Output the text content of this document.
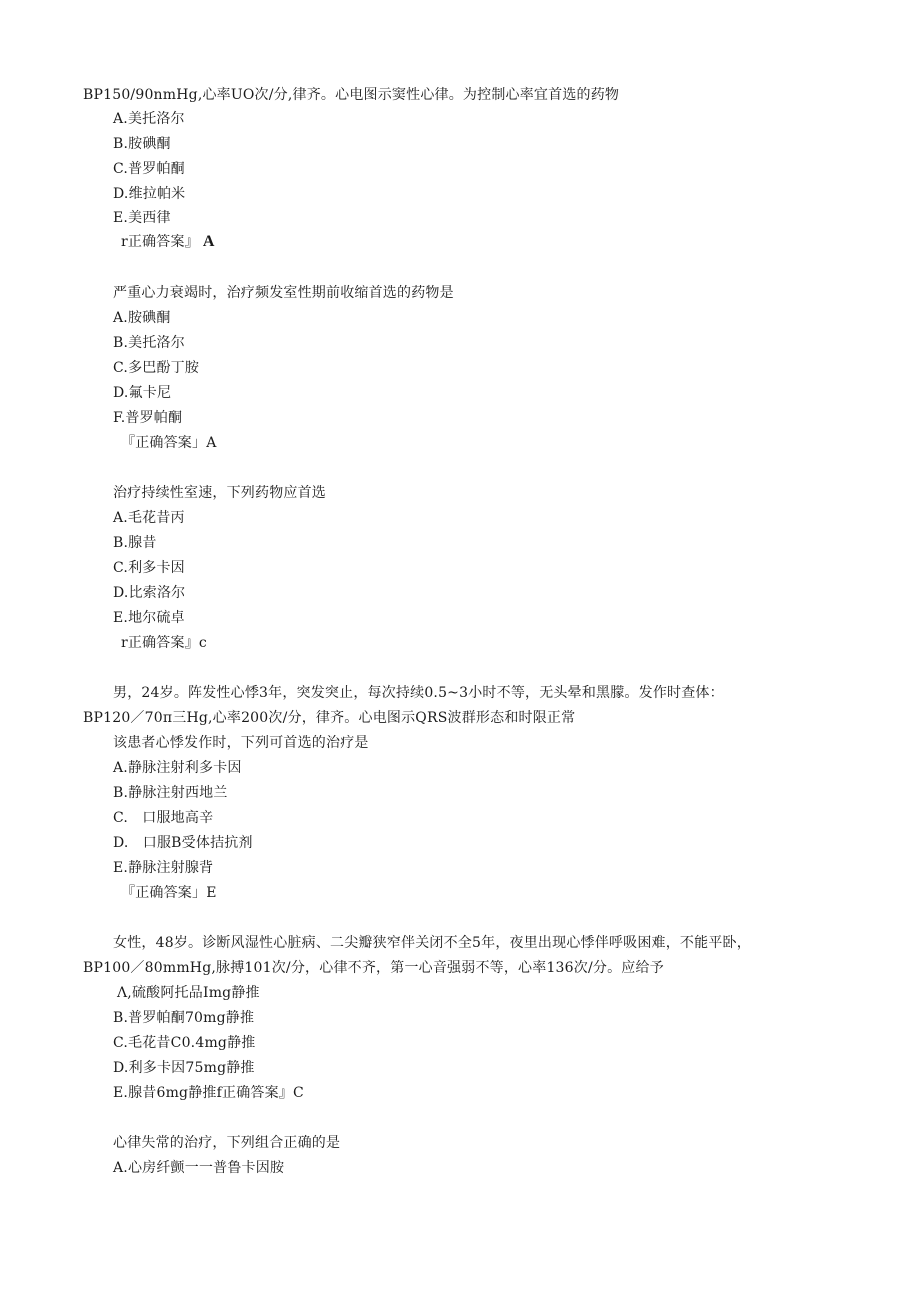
BP150/90nmHg,心率UO次/分,律齐。心电图示窦性心律。为控制心率宜首选的药物
A.美托洛尔
B.胺碘酮
C.普罗帕酮
D.维拉帕米
E.美西律
r正确答案』 A
严重心力衰竭时，治疗频发室性期前收缩首选的药物是
A.胺碘酮
B.美托洛尔
C.多巴酚丁胺
D.氟卡尼
F.普罗帕酮
『正确答案」A
治疗持续性室速，下列药物应首选
A.毛花昔丙
B.腺昔
C.利多卡因
D.比索洛尔
E.地尔硫卓
r正确答案』c
男，24岁。阵发性心悸3年，突发突止，每次持续0.5~3小时不等，无头晕和黑朦。发作时查体：
BP120／70π三Hg,心率200次/分，律齐。心电图示QRS波群形态和时限正常
该患者心悸发作时，下列可首选的治疗是
A.静脉注射利多卡因
B.静脉注射西地兰
C.　口服地高辛
D.　口服B受体拮抗剂
E.静脉注射腺背
『正确答案」E
女性，48岁。诊断风湿性心脏病、二尖瓣狭窄伴关闭不全5年，夜里出现心悸伴呼吸困难，不能平卧，
BP100／80mmHg,脉搏101次/分，心律不齐，第一心音强弱不等，心率136次/分。应给予
Λ,硫酸阿托品Img静推
B.普罗帕酮70mg静推
C.毛花昔C0.4mg静推
D.利多卡因75mg静推
E.腺昔6mg静推f正确答案』C
心律失常的治疗，下列组合正确的是
A.心房纤颤一一普鲁卡因胺
